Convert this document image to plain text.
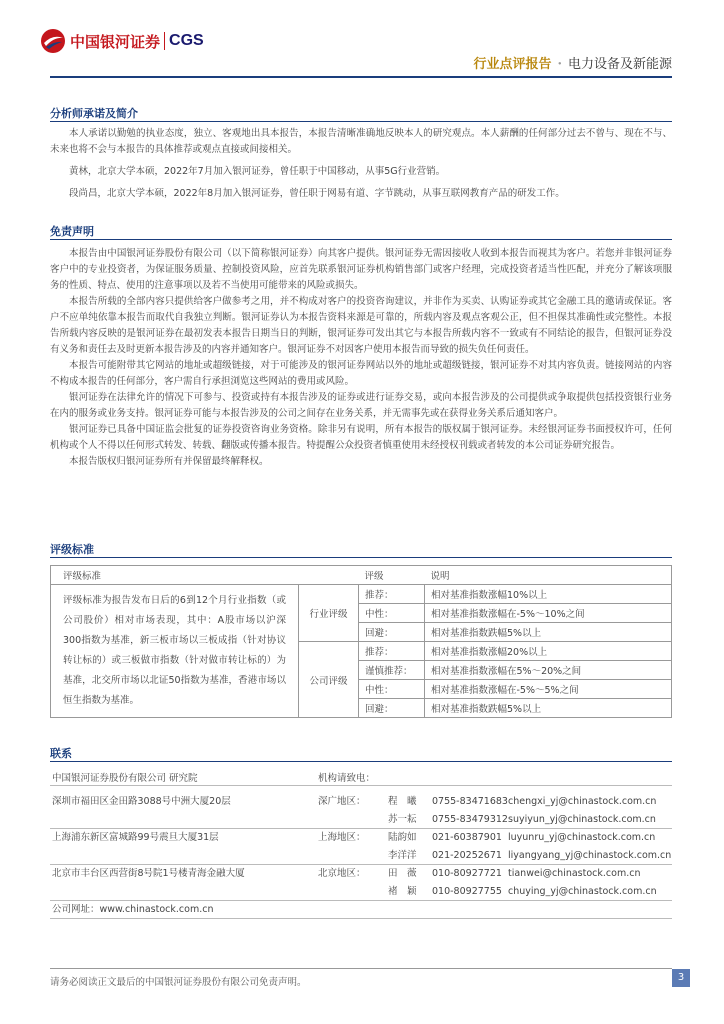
中国银河证券 CGS
行业点评报告 · 电力设备及新能源
分析师承诺及简介

本人承诺以勤勉的执业态度，独立、客观地出具本报告，本报告清晰准确地反映本人的研究观点。本人薪酬的任何部分过去不曾与、现在不与、未来也将不会与本报告的具体推荐或观点直接或间接相关。

黄林，北京大学本硕，2022年7月加入银河证券，曾任职于中国移动，从事5G行业营销。

段尚昌，北京大学本硕，2022年8月加入银河证券，曾任职于网易有道、字节跳动，从事互联网教育产品的研发工作。

免责声明

本报告由中国银河证券股份有限公司（以下简称银河证券）向其客户提供。银河证券无需因接收人收到本报告而视其为客户。若您并非银河证券客户中的专业投资者，为保证服务质量、控制投资风险，应首先联系银河证券机构销售部门或客户经理，完成投资者适当性匹配，并充分了解该项服务的性质、特点、使用的注意事项以及若不当使用可能带来的风险或损失。

本报告所载的全部内容只提供给客户做参考之用，并不构成对客户的投资咨询建议，并非作为买卖、认购证券或其它金融工具的邀请或保证。客户不应单纯依靠本报告而取代自我独立判断。银河证券认为本报告资料来源是可靠的，所载内容及观点客观公正，但不担保其准确性或完整性。本报告所载内容反映的是银河证券在最初发表本报告日期当日的判断，银河证券可发出其它与本报告所载内容不一致或有不同结论的报告，但银河证券没有义务和责任去及时更新本报告涉及的内容并通知客户。银河证券不对因客户使用本报告而导致的损失负任何责任。

本报告可能附带其它网站的地址或超级链接，对于可能涉及的银河证券网站以外的地址或超级链接，银河证券不对其内容负责。链接网站的内容不构成本报告的任何部分，客户需自行承担浏览这些网站的费用或风险。

银河证券在法律允许的情况下可参与、投资或持有本报告涉及的证券或进行证券交易，或向本报告涉及的公司提供或争取提供包括投资银行业务在内的服务或业务支持。银河证券可能与本报告涉及的公司之间存在业务关系，并无需事先或在获得业务关系后通知客户。

银河证券已具备中国证监会批复的证券投资咨询业务资格。除非另有说明，所有本报告的版权属于银河证券。未经银河证券书面授权许可，任何机构或个人不得以任何形式转发、转载、翻版或传播本报告。特提醒公众投资者慎重使用未经授权刊载或者转发的本公司证券研究报告。

本报告版权归银河证券所有并保留最终解释权。

评级标准
评级标准		评级	说明
评级标准为报告发布日后的6到12个月行业指数（或公司股价）相对市场表现，其中：A股市场以沪深300指数为基准，新三板市场以三板成指（针对协议转让标的）或三板做市指数（针对做市转让标的）为基准，北交所市场以北证50指数为基准，香港市场以恒生指数为基准。	行业评级	推荐：	相对基准指数涨幅10%以上
		中性：	相对基准指数涨幅在-5%～10%之间
		回避：	相对基准指数跌幅5%以上
	公司评级	推荐：	相对基准指数涨幅20%以上
		谨慎推荐：	相对基准指数涨幅在5%～20%之间
		中性：	相对基准指数涨幅在-5%～5%之间
		回避：	相对基准指数跌幅5%以上
联系
中国银河证券股份有限公司 研究院	机构请致电：
深圳市福田区金田路3088号中洲大厦20层	深广地区： 程　曦 0755-83471683 chengxi_yj@chinastock.com.cn
苏一耘 0755-83479312 suyiyun_yj@chinastock.com.cn
上海浦东新区富城路99号震旦大厦31层	上海地区： 陆韵如 021-60387901 luyunru_yj@chinastock.com.cn
李洋洋 021-20252671 liyangyang_yj@chinastock.com.cn
北京市丰台区西营街8号院1号楼青海金融大厦	北京地区： 田　薇 010-80927721 tianwei@chinastock.com.cn
褚　颖 010-80927755 chuying_yj@chinastock.com.cn
公司网址：www.chinastock.com.cn
请务必阅读正文最后的中国银河证券股份有限公司免责声明。	3
